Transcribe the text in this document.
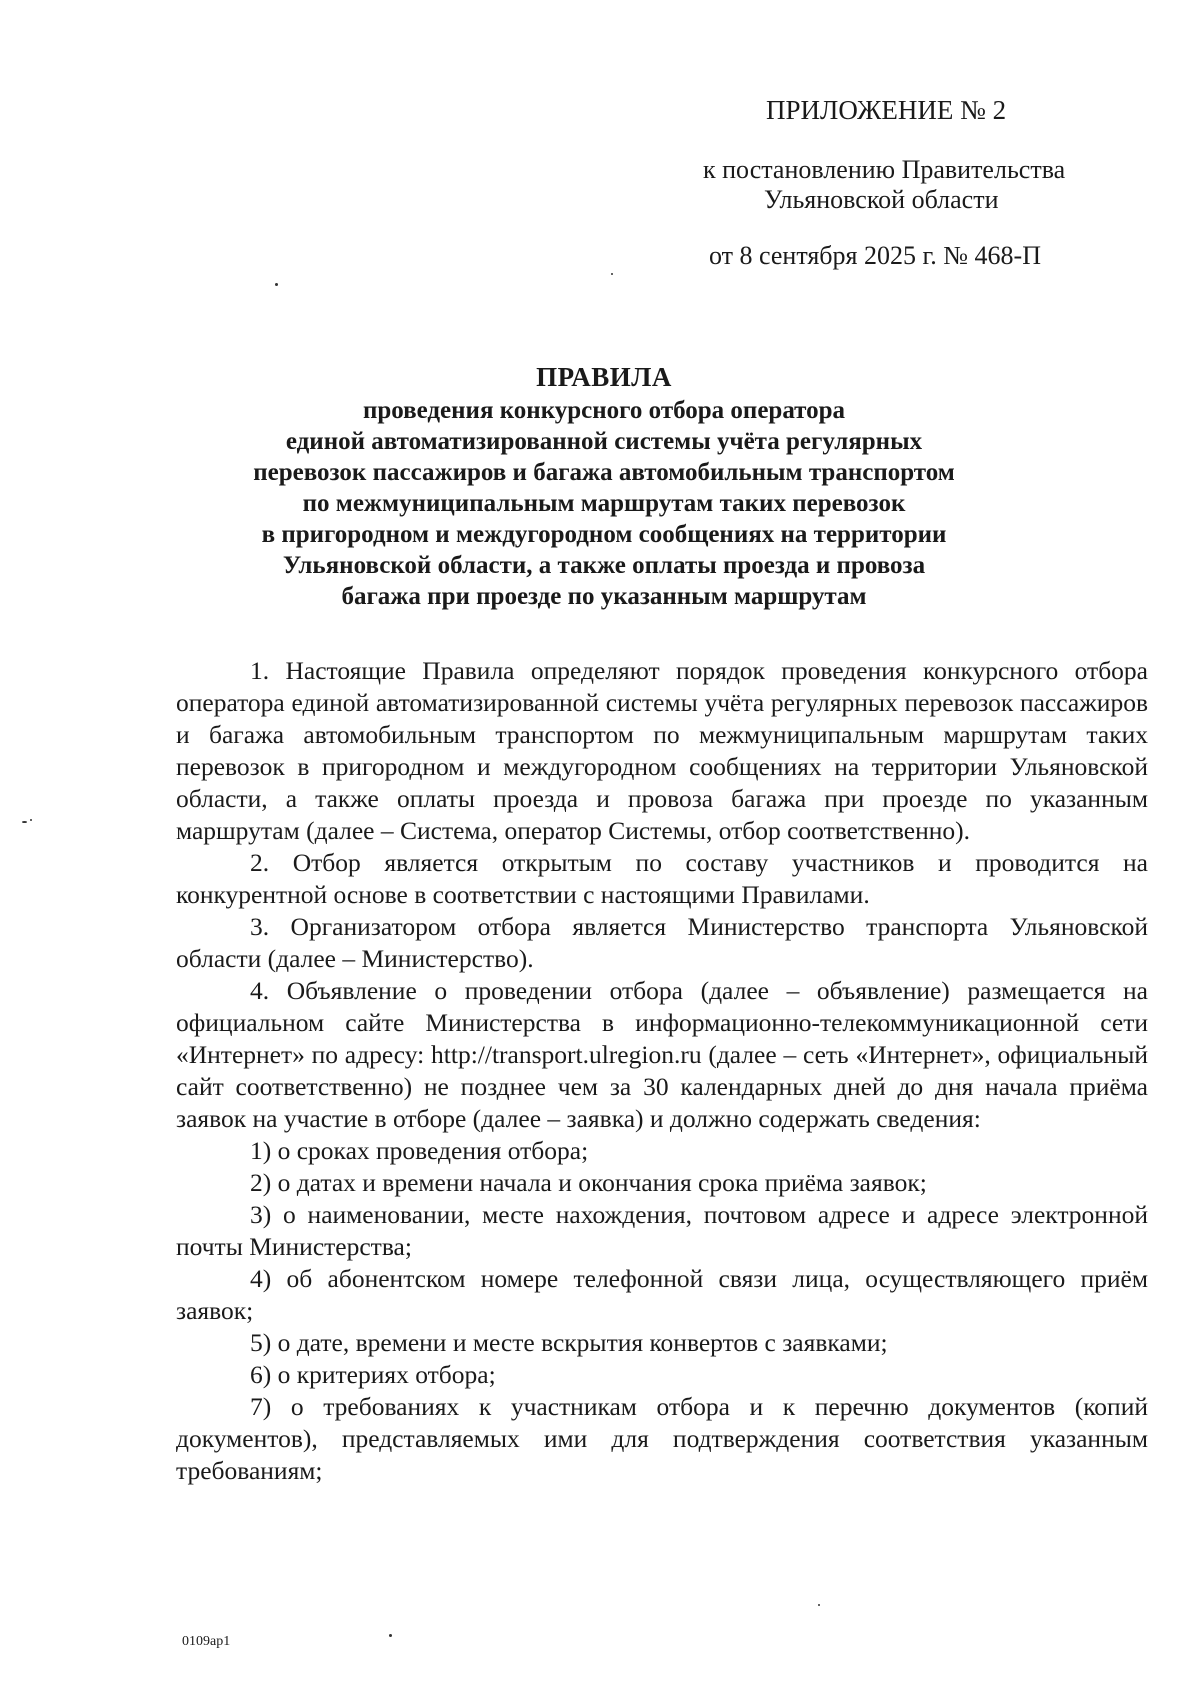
ПРИЛОЖЕНИЕ № 2
к постановлению Правительства
Ульяновской области
от 8 сентября 2025 г. № 468-П
ПРАВИЛА
проведения конкурсного отбора оператора
единой автоматизированной системы учёта регулярных
перевозок пассажиров и багажа автомобильным транспортом
по межмуниципальным маршрутам таких перевозок
в пригородном и междугородном сообщениях на территории
Ульяновской области, а также оплаты проезда и провоза
багажа при проезде по указанным маршрутам

1. Настоящие Правила определяют порядок проведения конкурсного отбора оператора единой автоматизированной системы учёта регулярных перевозок пассажиров и багажа автомобильным транспортом по межмуниципальным маршрутам таких перевозок в пригородном и междугородном сообщениях на территории Ульяновской области, а также оплаты проезда и провоза багажа при проезде по указанным маршрутам (далее – Система, оператор Системы, отбор соответственно).

2. Отбор является открытым по составу участников и проводится на конкурентной основе в соответствии с настоящими Правилами.

3. Организатором отбора является Министерство транспорта Ульяновской области (далее – Министерство).

4. Объявление о проведении отбора (далее – объявление) размещается на официальном сайте Министерства в информационно-телекоммуникационной сети «Интернет» по адресу: http://transport.ulregion.ru (далее – сеть «Интернет», официальный сайт соответственно) не позднее чем за 30 календарных дней до дня начала приёма заявок на участие в отборе (далее – заявка) и должно содержать сведения:

1) о сроках проведения отбора;

2) о датах и времени начала и окончания срока приёма заявок;

3) о наименовании, месте нахождения, почтовом адресе и адресе электронной почты Министерства;

4) об абонентском номере телефонной связи лица, осуществляющего приём заявок;

5) о дате, времени и месте вскрытия конвертов с заявками;

6) о критериях отбора;

7) о требованиях к участникам отбора и к перечню документов (копий документов), представляемых ими для подтверждения соответствия указанным требованиям;

0109ap1
